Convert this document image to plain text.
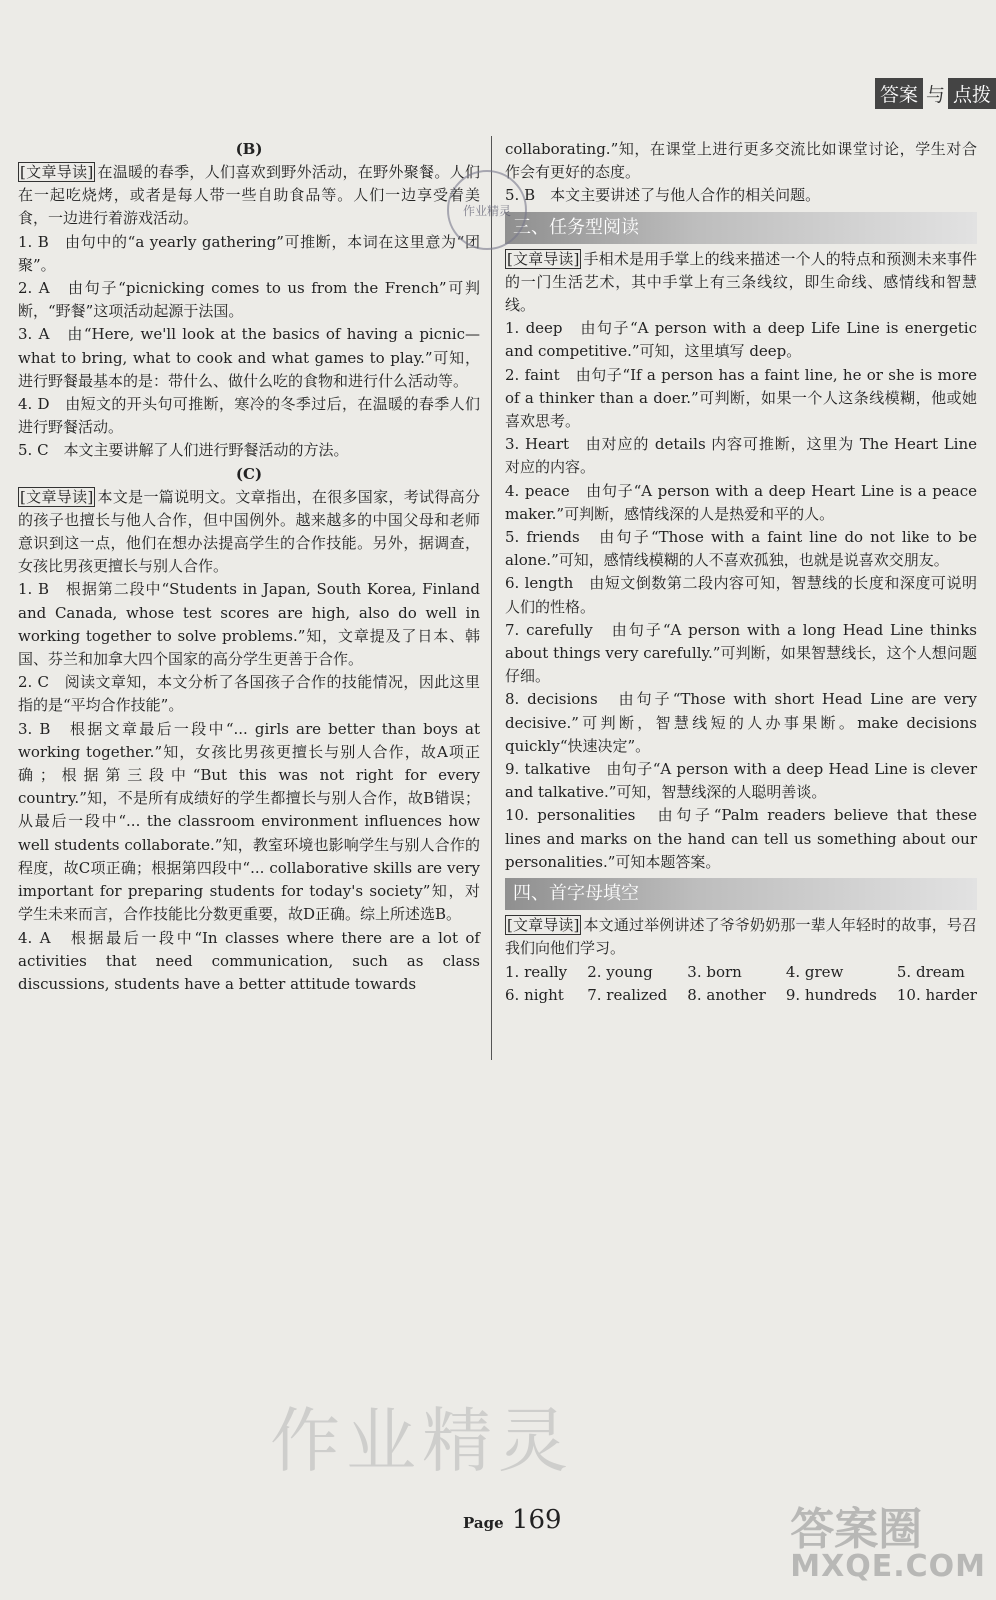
答案 与 点拨
(B)

[文章导读] 在温暖的春季，人们喜欢到野外活动，在野外聚餐。人们在一起吃烧烤，或者是每人带一些自助食品等。人们一边享受着美食，一边进行着游戏活动。

1. B　由句中的“a yearly gathering”可推断，本词在这里意为“团聚”。

2. A　由句子“picnicking comes to us from the French”可判断，“野餐”这项活动起源于法国。

3. A　由“Here, we'll look at the basics of having a picnic—what to bring, what to cook and what games to play.”可知，进行野餐最基本的是：带什么、做什么吃的食物和进行什么活动等。

4. D　由短文的开头句可推断，寒冷的冬季过后，在温暖的春季人们进行野餐活动。

5. C　本文主要讲解了人们进行野餐活动的方法。

(C)

[文章导读] 本文是一篇说明文。文章指出，在很多国家，考试得高分的孩子也擅长与他人合作，但中国例外。越来越多的中国父母和老师意识到这一点，他们在想办法提高学生的合作技能。另外，据调查，女孩比男孩更擅长与别人合作。

1. B　根据第二段中“Students in Japan, South Korea, Finland and Canada, whose test scores are high, also do well in working together to solve problems.”知，文章提及了日本、韩国、芬兰和加拿大四个国家的高分学生更善于合作。

2. C　阅读文章知，本文分析了各国孩子合作的技能情况，因此这里指的是“平均合作技能”。

3. B　根据文章最后一段中“... girls are better than boys at working together.”知，女孩比男孩更擅长与别人合作，故A项正确；根据第三段中“But this was not right for every country.”知，不是所有成绩好的学生都擅长与别人合作，故B错误；从最后一段中“... the classroom environment influences how well students collaborate.”知，教室环境也影响学生与别人合作的程度，故C项正确；根据第四段中“... collaborative skills are very important for preparing students for today's society”知，对学生未来而言，合作技能比分数更重要，故D正确。综上所述选B。

4. A　根据最后一段中“In classes where there are a lot of activities that need communication, such as class discussions, students have a better attitude towards

collaborating.”知，在课堂上进行更多交流比如课堂讨论，学生对合作会有更好的态度。

5. B　本文主要讲述了与他人合作的相关问题。

三、任务型阅读

[文章导读] 手相术是用手掌上的线来描述一个人的特点和预测未来事件的一门生活艺术，其中手掌上有三条线纹，即生命线、感情线和智慧线。

1. deep　由句子“A person with a deep Life Line is energetic and competitive.”可知，这里填写 deep。

2. faint　由句子“If a person has a faint line, he or she is more of a thinker than a doer.”可判断，如果一个人这条线模糊，他或她喜欢思考。

3. Heart　由对应的 details 内容可推断，这里为 The Heart Line 对应的内容。

4. peace　由句子“A person with a deep Heart Line is a peace maker.”可判断，感情线深的人是热爱和平的人。

5. friends　由句子“Those with a faint line do not like to be alone.”可知，感情线模糊的人不喜欢孤独，也就是说喜欢交朋友。

6. length　由短文倒数第二段内容可知，智慧线的长度和深度可说明人们的性格。

7. carefully　由句子“A person with a long Head Line thinks about things very carefully.”可判断，如果智慧线长，这个人想问题仔细。

8. decisions　由句子“Those with short Head Line are very decisive.”可判断，智慧线短的人办事果断。make decisions quickly“快速决定”。

9. talkative　由句子“A person with a deep Head Line is clever and talkative.”可知，智慧线深的人聪明善谈。

10. personalities　由句子“Palm readers believe that these lines and marks on the hand can tell us something about our personalities.”可知本题答案。

四、首字母填空

[文章导读] 本文通过举例讲述了爷爷奶奶那一辈人年轻时的故事，号召我们向他们学习。

1. really 2. young	3. born	4. grew	5. dream
6. night 7. realized 8. another 9. hundreds 10. harder
作业精灵
作业精灵
Page 169	答案圈
MXQE.COM
